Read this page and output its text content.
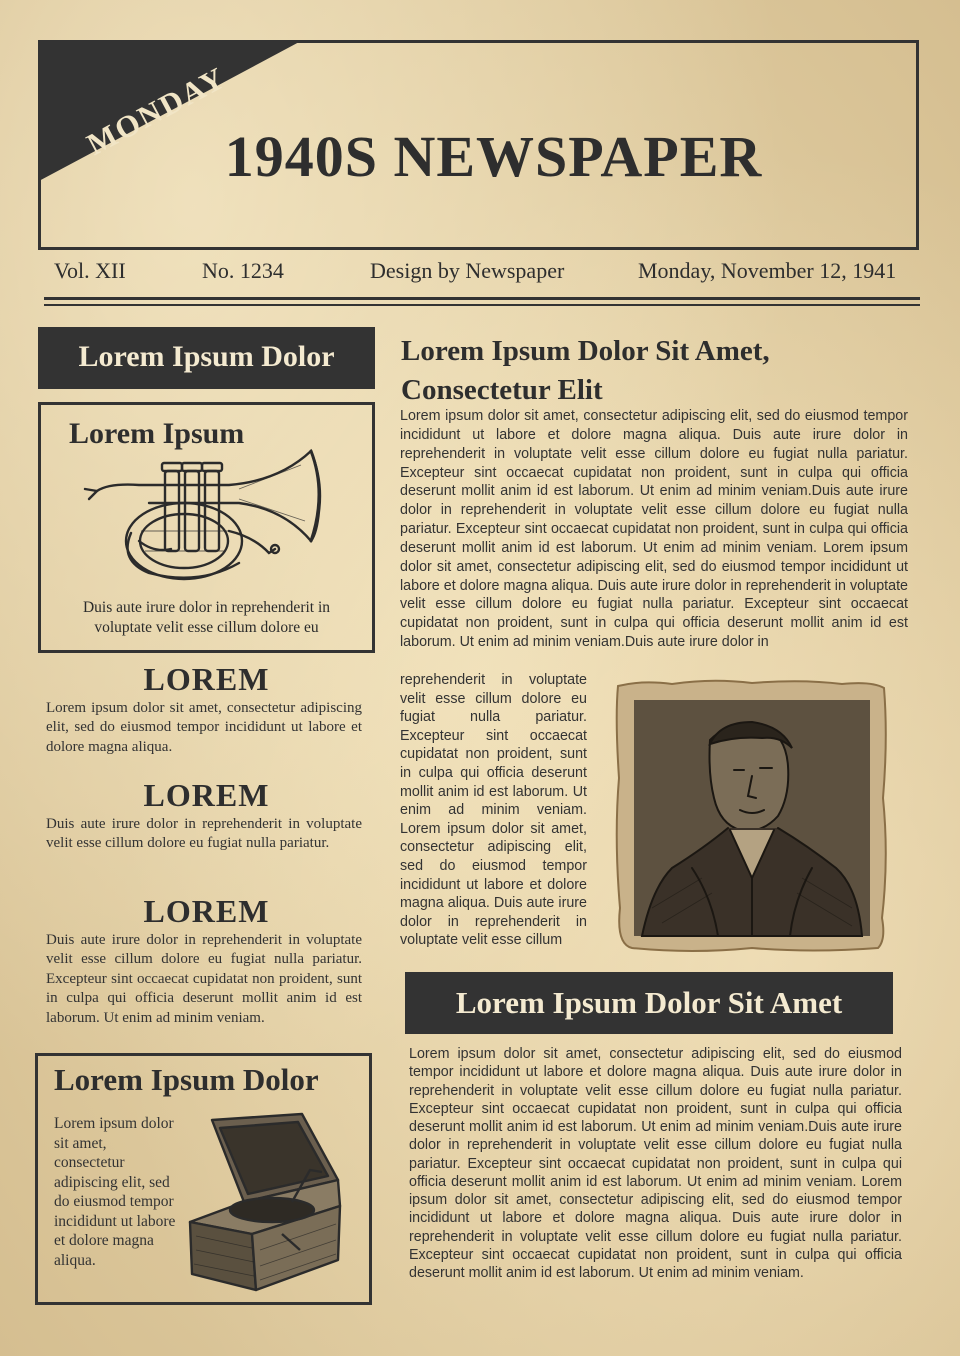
MONDAY
1940S NEWSPAPER
Vol. XII	No. 1234	Design by Newspaper	Monday, November 12, 1941
Lorem Ipsum Dolor
Lorem Ipsum
Duis aute irure dolor in reprehenderit in voluptate velit esse cillum dolore eu
LOREM
Lorem ipsum dolor sit amet, consectetur adipiscing elit, sed do eiusmod tempor incididunt ut labore et dolore magna aliqua.
LOREM
Duis aute irure dolor in reprehenderit in voluptate velit esse cillum dolore eu fugiat nulla pariatur.
LOREM
Duis aute irure dolor in reprehenderit in voluptate velit esse cillum dolore eu fugiat nulla pariatur. Excepteur sint occaecat cupidatat non proident, sunt in culpa qui officia deserunt mollit anim id est laborum. Ut enim ad minim veniam.
Lorem Ipsum Dolor
Lorem ipsum dolor sit amet, consectetur adipiscing elit, sed do eiusmod tempor incididunt ut labore et dolore magna aliqua.
Lorem Ipsum Dolor Sit Amet, Consectetur Elit
Lorem ipsum dolor sit amet, consectetur adipiscing elit, sed do eiusmod tempor incididunt ut labore et dolore magna aliqua. Duis aute irure dolor in reprehenderit in voluptate velit esse cillum dolore eu fugiat nulla pariatur. Excepteur sint occaecat cupidatat non proident, sunt in culpa qui officia deserunt mollit anim id est laborum. Ut enim ad minim veniam.Duis aute irure dolor in reprehenderit in voluptate velit esse cillum dolore eu fugiat nulla pariatur. Excepteur sint occaecat cupidatat non proident, sunt in culpa qui officia deserunt mollit anim id est laborum. Ut enim ad minim veniam. Lorem ipsum dolor sit amet, consectetur adipiscing elit, sed do eiusmod tempor incididunt ut labore et dolore magna aliqua. Duis aute irure dolor in reprehenderit in voluptate velit esse cillum dolore eu fugiat nulla pariatur. Excepteur sint occaecat cupidatat non proident, sunt in culpa qui officia deserunt mollit anim id est laborum. Ut enim ad minim veniam.Duis aute irure dolor in
reprehenderit in voluptate velit esse cillum dolore eu fugiat nulla pariatur. Excepteur sint occaecat cupidatat non proident, sunt in culpa qui officia deserunt mollit anim id est laborum. Ut enim ad minim veniam. Lorem ipsum dolor sit amet, consectetur adipiscing elit, sed do eiusmod tempor incididunt ut labore et dolore magna aliqua. Duis aute irure dolor in reprehenderit in voluptate velit esse cillum
Lorem Ipsum Dolor Sit Amet
Lorem ipsum dolor sit amet, consectetur adipiscing elit, sed do eiusmod tempor incididunt ut labore et dolore magna aliqua. Duis aute irure dolor in reprehenderit in voluptate velit esse cillum dolore eu fugiat nulla pariatur. Excepteur sint occaecat cupidatat non proident, sunt in culpa qui officia deserunt mollit anim id est laborum. Ut enim ad minim veniam.Duis aute irure dolor in reprehenderit in voluptate velit esse cillum dolore eu fugiat nulla pariatur. Excepteur sint occaecat cupidatat non proident, sunt in culpa qui officia deserunt mollit anim id est laborum. Ut enim ad minim veniam. Lorem ipsum dolor sit amet, consectetur adipiscing elit, sed do eiusmod tempor incididunt ut labore et dolore magna aliqua. Duis aute irure dolor in reprehenderit in voluptate velit esse cillum dolore eu fugiat nulla pariatur. Excepteur sint occaecat cupidatat non proident, sunt in culpa qui officia deserunt mollit anim id est laborum. Ut enim ad minim veniam.
